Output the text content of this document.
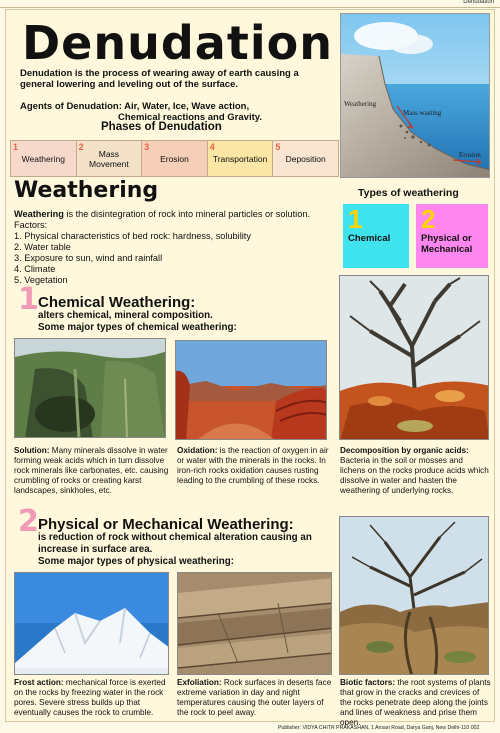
Denudation
Denudation
Denudation is the process of wearing away of earth causing a general lowering and leveling out of the surface.
Agents of Denudation: Air, Water, Ice, Wave action,
Chemical reactions and Gravity.
Phases of Denudation
1
Weathering
2
Mass Movement
3
Erosion
4
Transportation
5
Deposition
Weathering
Mass wasting
Erosion
Weathering
Weathering is the disintegration of rock into mineral particles or solution.
Factors:
1. Physical characteristics of bed rock: hardness, solubility
2. Water table
3. Exposure to sun, wind and rainfall
4. Climate
5. Vegetation
Types of weathering
1
Chemical
2
Physical or Mechanical
1 Chemical Weathering:
alters chemical, mineral composition.
Some major types of chemical weathering:
Solution: Many minerals dissolve in water forming weak acids which in turn dissolve rock minerals like carbonates, etc. causing crumbling of rocks or creating karst landscapes, sinkholes, etc.
Oxidation: is the reaction of oxygen in air or water with the minerals in the rocks. In iron-rich rocks oxidation causes rusting leading to the crumbling of these rocks.
Decomposition by organic acids: Bacteria in the soil or mosses and lichens on the rocks produce acids which dissolve in water and hasten the weathering of underlying rocks.
2 Physical or Mechanical Weathering:
is reduction of rock without chemical alteration causing an increase in surface area.
Some major types of physical weathering:
Frost action: mechanical force is exerted on the rocks by freezing water in the rock pores. Severe stress builds up that eventually causes the rock to crumble.
Exfoliation: Rock surfaces in deserts face extreme variation in day and night temperatures causing the outer layers of the rock to peel away.
Biotic factors: the root systems of plants that grow in the cracks and crevices of the rocks penetrate deep along the joints and lines of weakness and prise them open.
Publisher: VIDYA CHITR PRAKASHAN, 1 Ansari Road, Darya Ganj, New Delhi-110 002
